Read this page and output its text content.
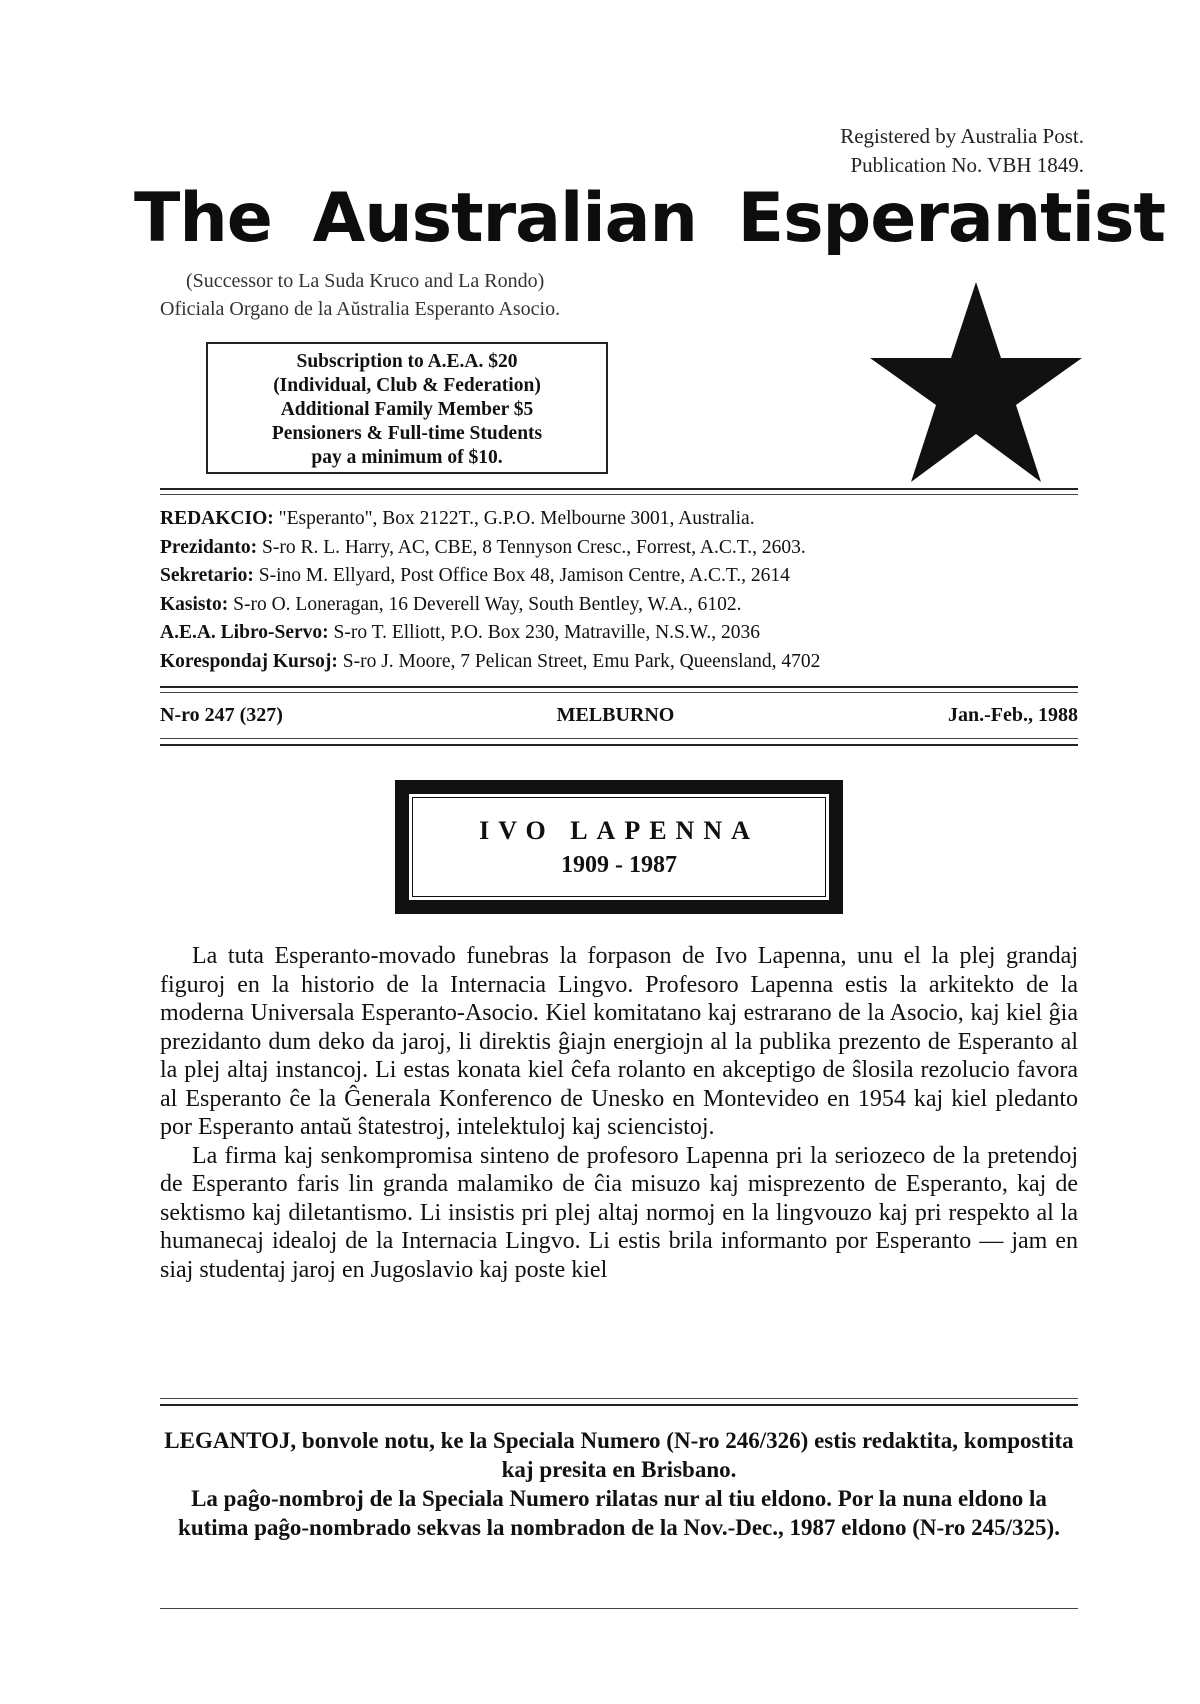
Registered by Australia Post.
Publication No. VBH 1849.
The Australian Esperantist
(Successor to La Suda Kruco and La Rondo)
Oficiala Organo de la Aŭstralia Esperanto Asocio.
Subscription to A.E.A. $20
(Individual, Club & Federation)
Additional Family Member $5
Pensioners & Full-time Students
pay a minimum of $10.
REDAKCIO: "Esperanto", Box 2122T., G.P.O. Melbourne 3001, Australia.
Prezidanto: S-ro R. L. Harry, AC, CBE, 8 Tennyson Cresc., Forrest, A.C.T., 2603.
Sekretario: S-ino M. Ellyard, Post Office Box 48, Jamison Centre, A.C.T., 2614
Kasisto: S-ro O. Loneragan, 16 Deverell Way, South Bentley, W.A., 6102.
A.E.A. Libro-Servo: S-ro T. Elliott, P.O. Box 230, Matraville, N.S.W., 2036
Korespondaj Kursoj: S-ro J. Moore, 7 Pelican Street, Emu Park, Queensland, 4702
N-ro 247 (327)	MELBURNO	Jan.-Feb., 1988
IVO LAPENNA
1909 - 1987

La tuta Esperanto-movado funebras la forpason de Ivo Lapenna, unu el la plej grandaj figuroj en la historio de la Internacia Lingvo. Profesoro Lapenna estis la arkitekto de la moderna Universala Esperanto-Asocio. Kiel komitatano kaj estrarano de la Asocio, kaj kiel ĝia prezidanto dum deko da jaroj, li direktis ĝiajn energiojn al la publika prezento de Esperanto al la plej altaj instancoj. Li estas konata kiel ĉefa rolanto en akceptigo de ŝlosila rezolucio favora al Esperanto ĉe la Ĝenerala Konferenco de Unesko en Montevideo en 1954 kaj kiel pledanto por Esperanto antaŭ ŝtatestroj, intelektuloj kaj sciencistoj.

La firma kaj senkompromisa sinteno de profesoro Lapenna pri la seriozeco de la pretendoj de Esperanto faris lin granda malamiko de ĉia misuzo kaj misprezento de Esperanto, kaj de sektismo kaj diletantismo. Li insistis pri plej altaj normoj en la lingvouzo kaj pri respekto al la humanecaj idealoj de la Internacia Lingvo. Li estis brila informanto por Esperanto — jam en siaj studentaj jaroj en Jugoslavio kaj poste kiel

LEGANTOJ, bonvole notu, ke la Speciala Numero (N-ro 246/326) estis redaktita, kompostita kaj presita en Brisbano.

La paĝo-nombroj de la Speciala Numero rilatas nur al tiu eldono. Por la nuna eldono la kutima paĝo-nombrado sekvas la nombradon de la Nov.-Dec., 1987 eldono (N-ro 245/325).
